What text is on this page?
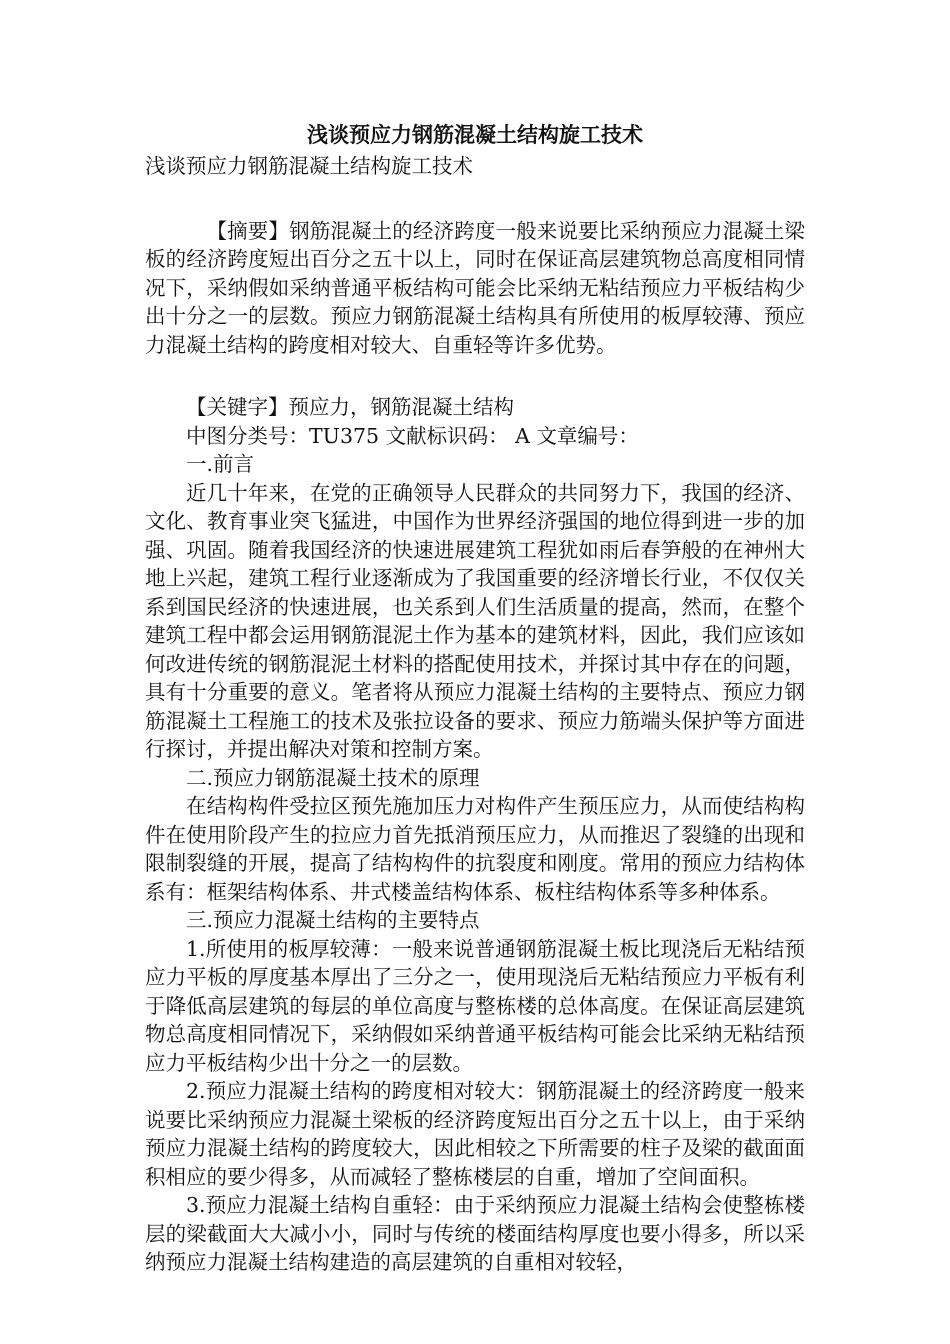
浅谈预应力钢筋混凝土结构旋工技术

浅谈预应力钢筋混凝土结构旋工技术

【摘要】钢筋混凝土的经济跨度一般来说要比采纳预应力混凝土梁板的经济跨度短出百分之五十以上，同时在保证高层建筑物总高度相同情况下，采纳假如采纳普通平板结构可能会比采纳无粘结预应力平板结构少出十分之一的层数。预应力钢筋混凝土结构具有所使用的板厚较薄、预应力混凝土结构的跨度相对较大、自重轻等许多优势。

【关键字】预应力，钢筋混凝土结构

中图分类号：TU375 文献标识码： A 文章编号：

一.前言

近几十年来，在党的正确领导人民群众的共同努力下，我国的经济、文化、教育事业突飞猛进，中国作为世界经济强国的地位得到进一步的加强、巩固。随着我国经济的快速进展建筑工程犹如雨后春笋般的在神州大地上兴起，建筑工程行业逐渐成为了我国重要的经济增长行业，不仅仅关系到国民经济的快速进展，也关系到人们生活质量的提高，然而，在整个建筑工程中都会运用钢筋混泥土作为基本的建筑材料，因此，我们应该如何改进传统的钢筋混泥土材料的搭配使用技术，并探讨其中存在的问题，具有十分重要的意义。笔者将从预应力混凝土结构的主要特点、预应力钢筋混凝土工程施工的技术及张拉设备的要求、预应力筋端头保护等方面进行探讨，并提出解决对策和控制方案。

二.预应力钢筋混凝土技术的原理

在结构构件受拉区预先施加压力对构件产生预压应力，从而使结构构件在使用阶段产生的拉应力首先抵消预压应力，从而推迟了裂缝的出现和限制裂缝的开展，提高了结构构件的抗裂度和刚度。常用的预应力结构体系有：框架结构体系、井式楼盖结构体系、板柱结构体系等多种体系。

三.预应力混凝土结构的主要特点

1.所使用的板厚较薄：一般来说普通钢筋混凝土板比现浇后无粘结预应力平板的厚度基本厚出了三分之一，使用现浇后无粘结预应力平板有利于降低高层建筑的每层的单位高度与整栋楼的总体高度。在保证高层建筑物总高度相同情况下，采纳假如采纳普通平板结构可能会比采纳无粘结预应力平板结构少出十分之一的层数。

2.预应力混凝土结构的跨度相对较大：钢筋混凝土的经济跨度一般来说要比采纳预应力混凝土梁板的经济跨度短出百分之五十以上，由于采纳预应力混凝土结构的跨度较大，因此相较之下所需要的柱子及梁的截面面积相应的要少得多，从而减轻了整栋楼层的自重，增加了空间面积。

3.预应力混凝土结构自重轻：由于采纳预应力混凝土结构会使整栋楼层的梁截面大大减小小，同时与传统的楼面结构厚度也要小得多，所以采纳预应力混凝土结构建造的高层建筑的自重相对较轻，
